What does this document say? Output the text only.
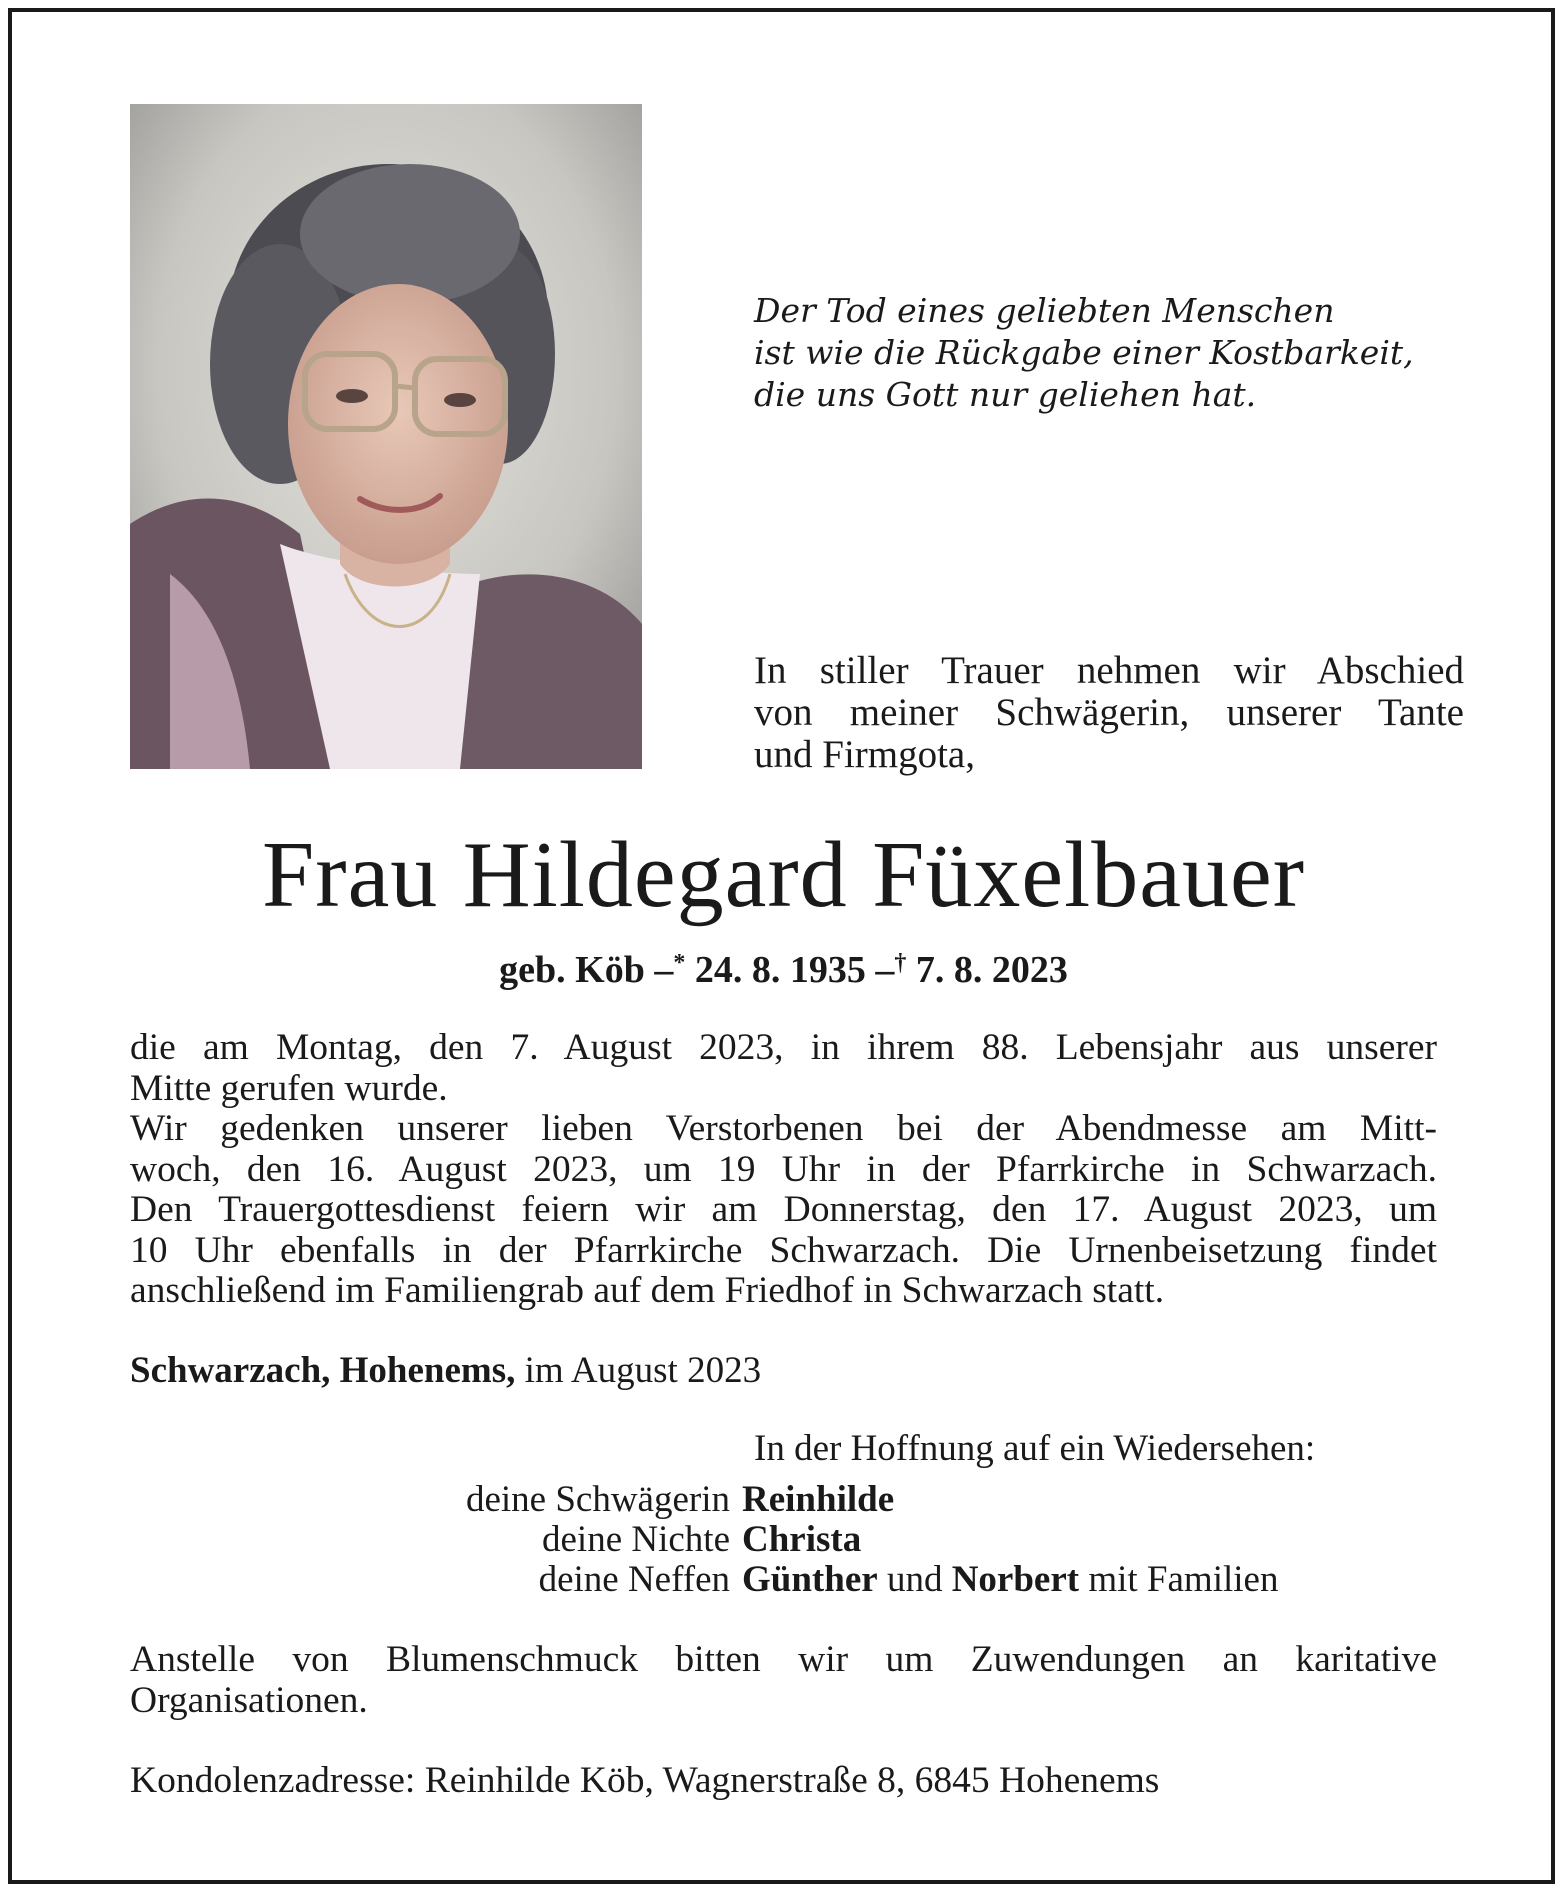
Der Tod eines geliebten Menschen
ist wie die Rückgabe einer Kostbarkeit,
die uns Gott nur geliehen hat.
In stiller Trauer nehmen wir Abschied
von meiner Schwägerin, unserer Tante
und Firmgota,
Frau Hildegard Füxelbauer
geb. Köb –* 24. 8. 1935 –† 7. 8. 2023
die am Montag, den 7. August 2023, in ihrem 88. Lebensjahr aus unserer
Mitte gerufen wurde.
Wir gedenken unserer lieben Verstorbenen bei der Abendmesse am Mitt-
woch, den 16. August 2023, um 19 Uhr in der Pfarrkirche in Schwarzach.
Den Trauergottesdienst feiern wir am Donnerstag, den 17. August 2023, um
10 Uhr ebenfalls in der Pfarrkirche Schwarzach. Die Urnenbeisetzung findet
anschließend im Familiengrab auf dem Friedhof in Schwarzach statt.
Schwarzach, Hohenems, im August 2023
In der Hoffnung auf ein Wiedersehen:
deine Schwägerin Reinhilde
deine Nichte Christa
deine Neffen Günther und Norbert mit Familien
Anstelle von Blumenschmuck bitten wir um Zuwendungen an karitative
Organisationen.
Kondolenzadresse: Reinhilde Köb, Wagnerstraße 8, 6845 Hohenems
